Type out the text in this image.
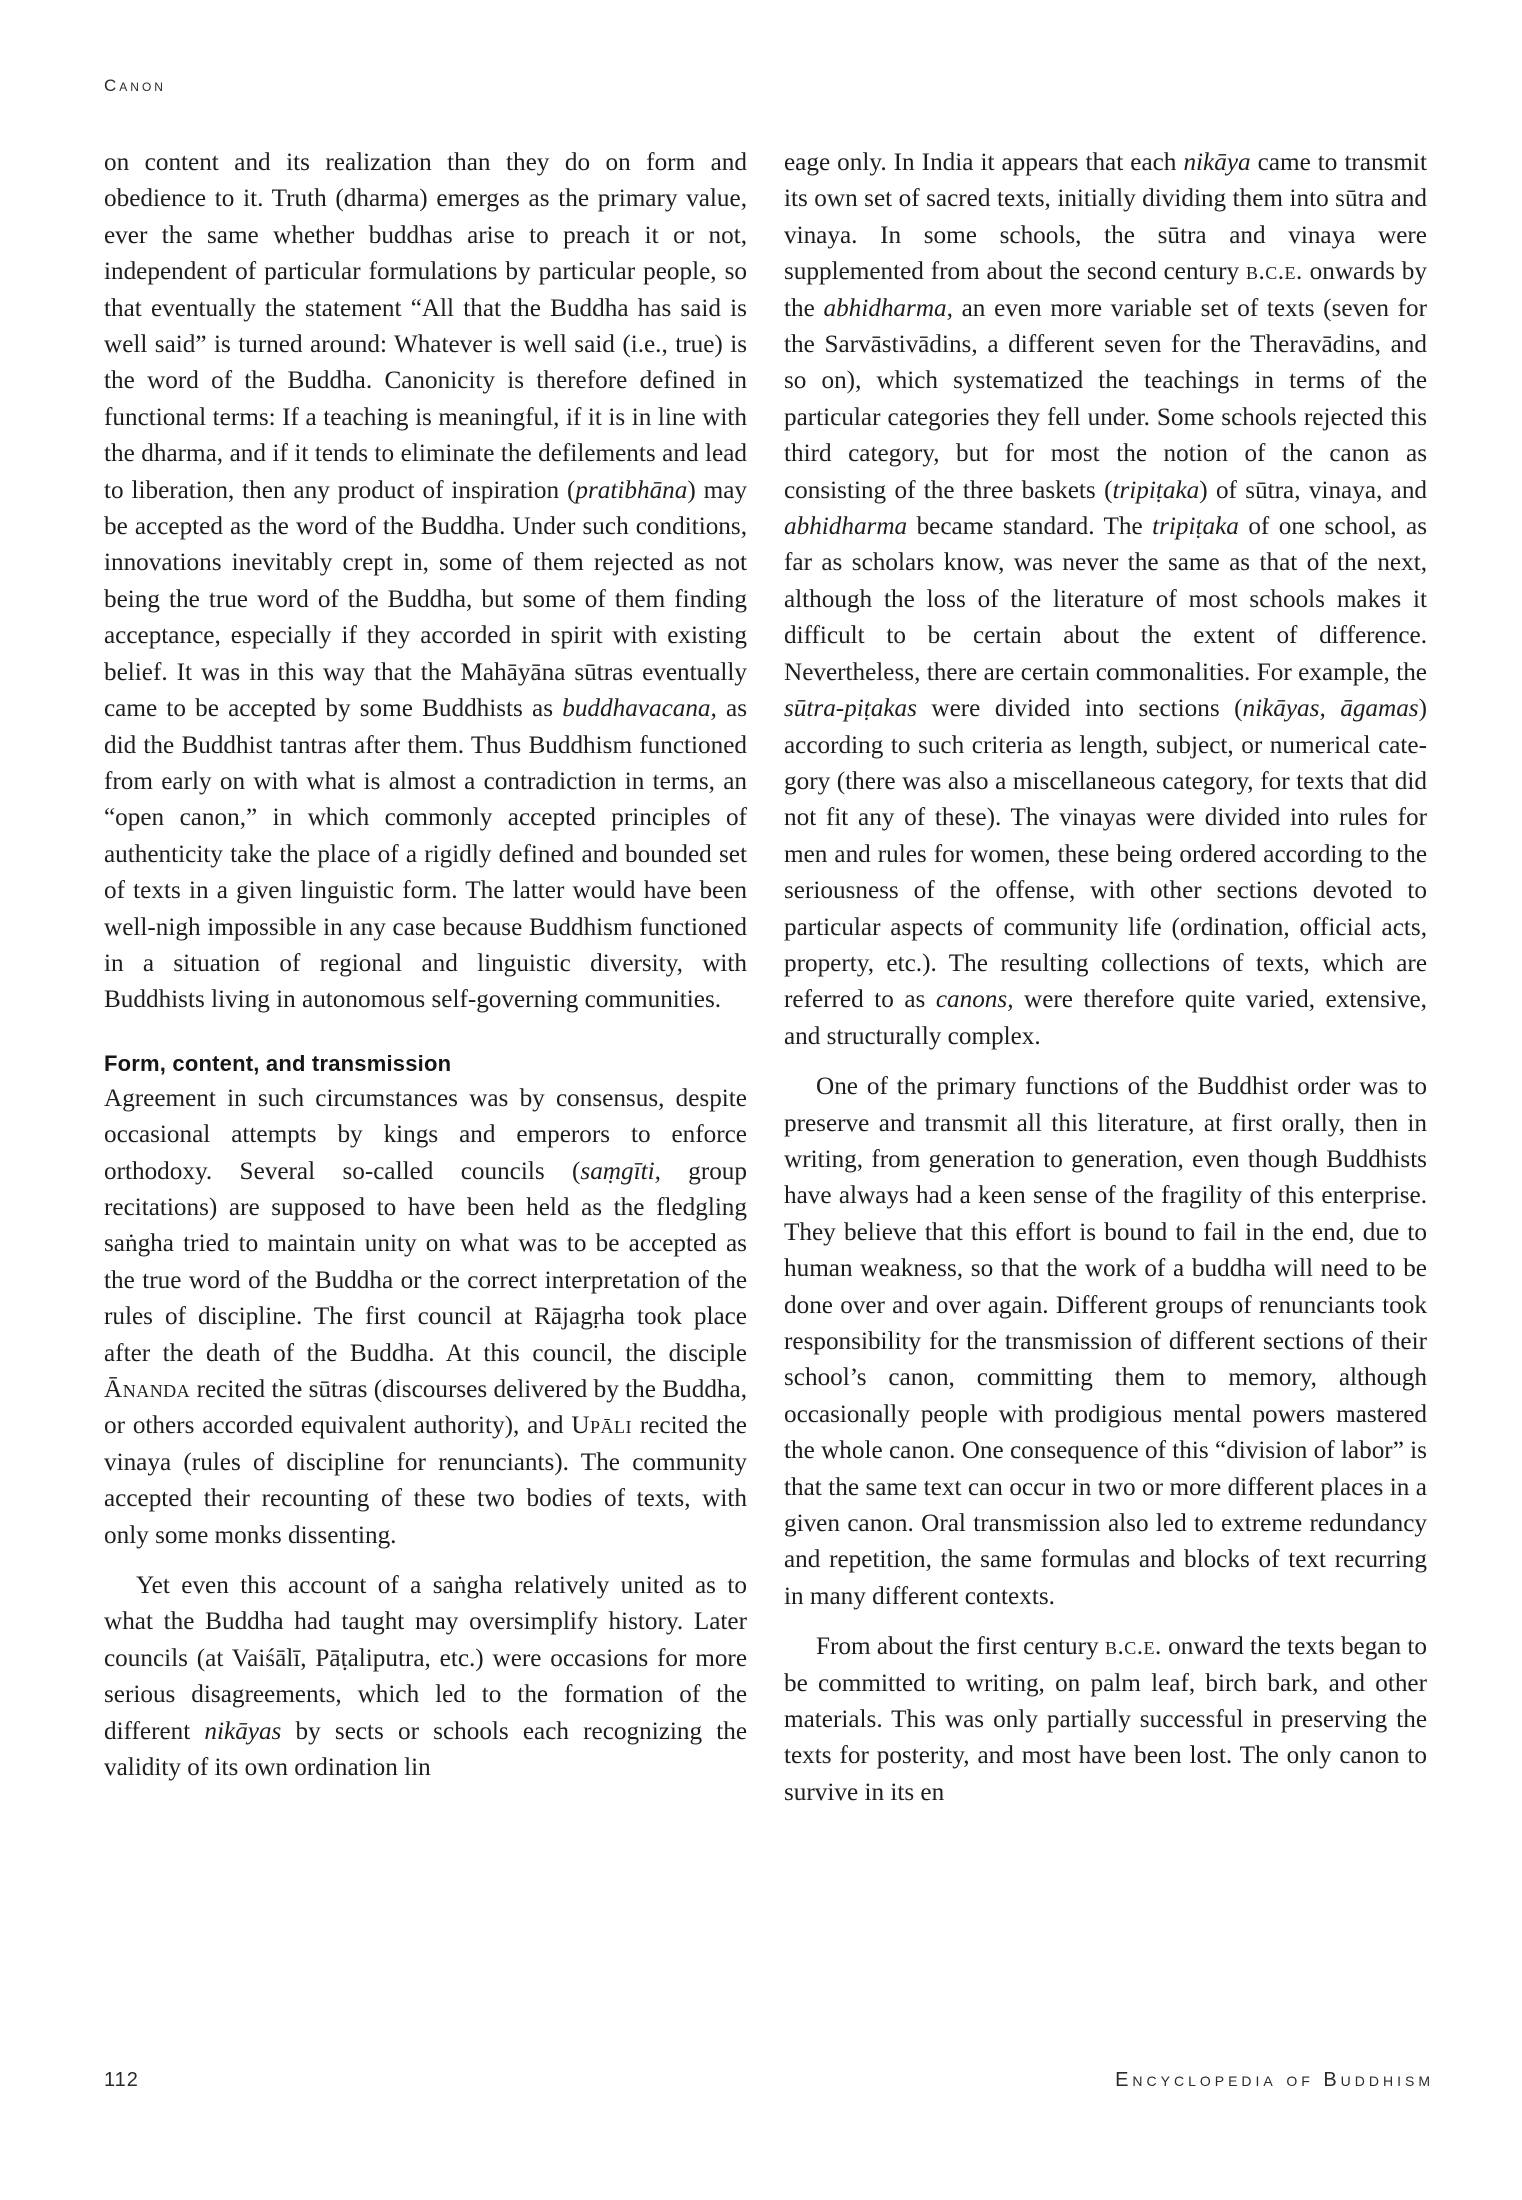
Canon

on content and its realization than they do on form and obedience to it. Truth (dharma) emerges as the primary value, ever the same whether buddhas arise to preach it or not, independent of particular formulations by particular people, so that eventually the statement “All that the Buddha has said is well said” is turned around: Whatever is well said (i.e., true) is the word of the Buddha. Canonicity is therefore defined in functional terms: If a teaching is meaningful, if it is in line with the dharma, and if it tends to eliminate the defilements and lead to liberation, then any product of inspiration (pratibhāna) may be accepted as the word of the Buddha. Under such conditions, innovations inevitably crept in, some of them rejected as not being the true word of the Buddha, but some of them finding acceptance, especially if they accorded in spirit with existing belief. It was in this way that the Mahāyāna sūtras eventually came to be accepted by some Buddhists as buddhavacana, as did the Buddhist tantras after them. Thus Buddhism functioned from early on with what is almost a contradiction in terms, an “open canon,” in which commonly accepted principles of authenticity take the place of a rigidly defined and bounded set of texts in a given linguistic form. The latter would have been well-nigh impossible in any case because Buddhism functioned in a situation of regional and linguistic diversity, with Buddhists living in autonomous self-governing communities.

Form, content, and transmission

Agreement in such circumstances was by consensus, despite occasional attempts by kings and emperors to enforce orthodoxy. Several so-called councils (saṃgīti, group recitations) are supposed to have been held as the fledgling saṅgha tried to maintain unity on what was to be accepted as the true word of the Buddha or the correct interpretation of the rules of discipline. The first council at Rājagṛha took place after the death of the Buddha. At this council, the disciple Ānanda recited the sūtras (discourses delivered by the Buddha, or others accorded equivalent authority), and Upāli recited the vinaya (rules of discipline for renunciants). The community accepted their recounting of these two bodies of texts, with only some monks dissenting.

Yet even this account of a saṅgha relatively united as to what the Buddha had taught may oversimplify history. Later councils (at Vaiśālī, Pāṭaliputra, etc.) were occasions for more serious disagreements, which led to the formation of the different nikāyas by sects or schools each recognizing the validity of its own ordination lin

eage only. In India it appears that each nikāya came to transmit its own set of sacred texts, initially dividing them into sūtra and vinaya. In some schools, the sūtra and vinaya were supplemented from about the second century b.c.e. onwards by the abhidharma, an even more variable set of texts (seven for the Sarvāstivādins, a different seven for the Theravādins, and so on), which systematized the teachings in terms of the particular categories they fell under. Some schools rejected this third category, but for most the notion of the canon as consisting of the three baskets (tripiṭaka) of sūtra, vinaya, and abhidharma became standard. The tripiṭaka of one school, as far as scholars know, was never the same as that of the next, although the loss of the literature of most schools makes it difficult to be certain about the extent of difference. Nevertheless, there are certain commonalities. For example, the sūtra-piṭakas were divided into sections (nikāyas, āgamas) according to such criteria as length, subject, or numerical category (there was also a miscellaneous category, for texts that did not fit any of these). The vinayas were divided into rules for men and rules for women, these being ordered according to the seriousness of the offense, with other sections devoted to particular aspects of community life (ordination, official acts, property, etc.). The resulting collections of texts, which are referred to as canons, were therefore quite varied, extensive, and structurally complex.

One of the primary functions of the Buddhist order was to preserve and transmit all this literature, at first orally, then in writing, from generation to generation, even though Buddhists have always had a keen sense of the fragility of this enterprise. They believe that this effort is bound to fail in the end, due to human weakness, so that the work of a buddha will need to be done over and over again. Different groups of renunciants took responsibility for the transmission of different sections of their school’s canon, committing them to memory, although occasionally people with prodigious mental powers mastered the whole canon. One consequence of this “division of labor” is that the same text can occur in two or more different places in a given canon. Oral transmission also led to extreme redundancy and repetition, the same formulas and blocks of text recurring in many different contexts.

From about the first century b.c.e. onward the texts began to be committed to writing, on palm leaf, birch bark, and other materials. This was only partially successful in preserving the texts for posterity, and most have been lost. The only canon to survive in its en

112	Encyclopedia of Buddhism
